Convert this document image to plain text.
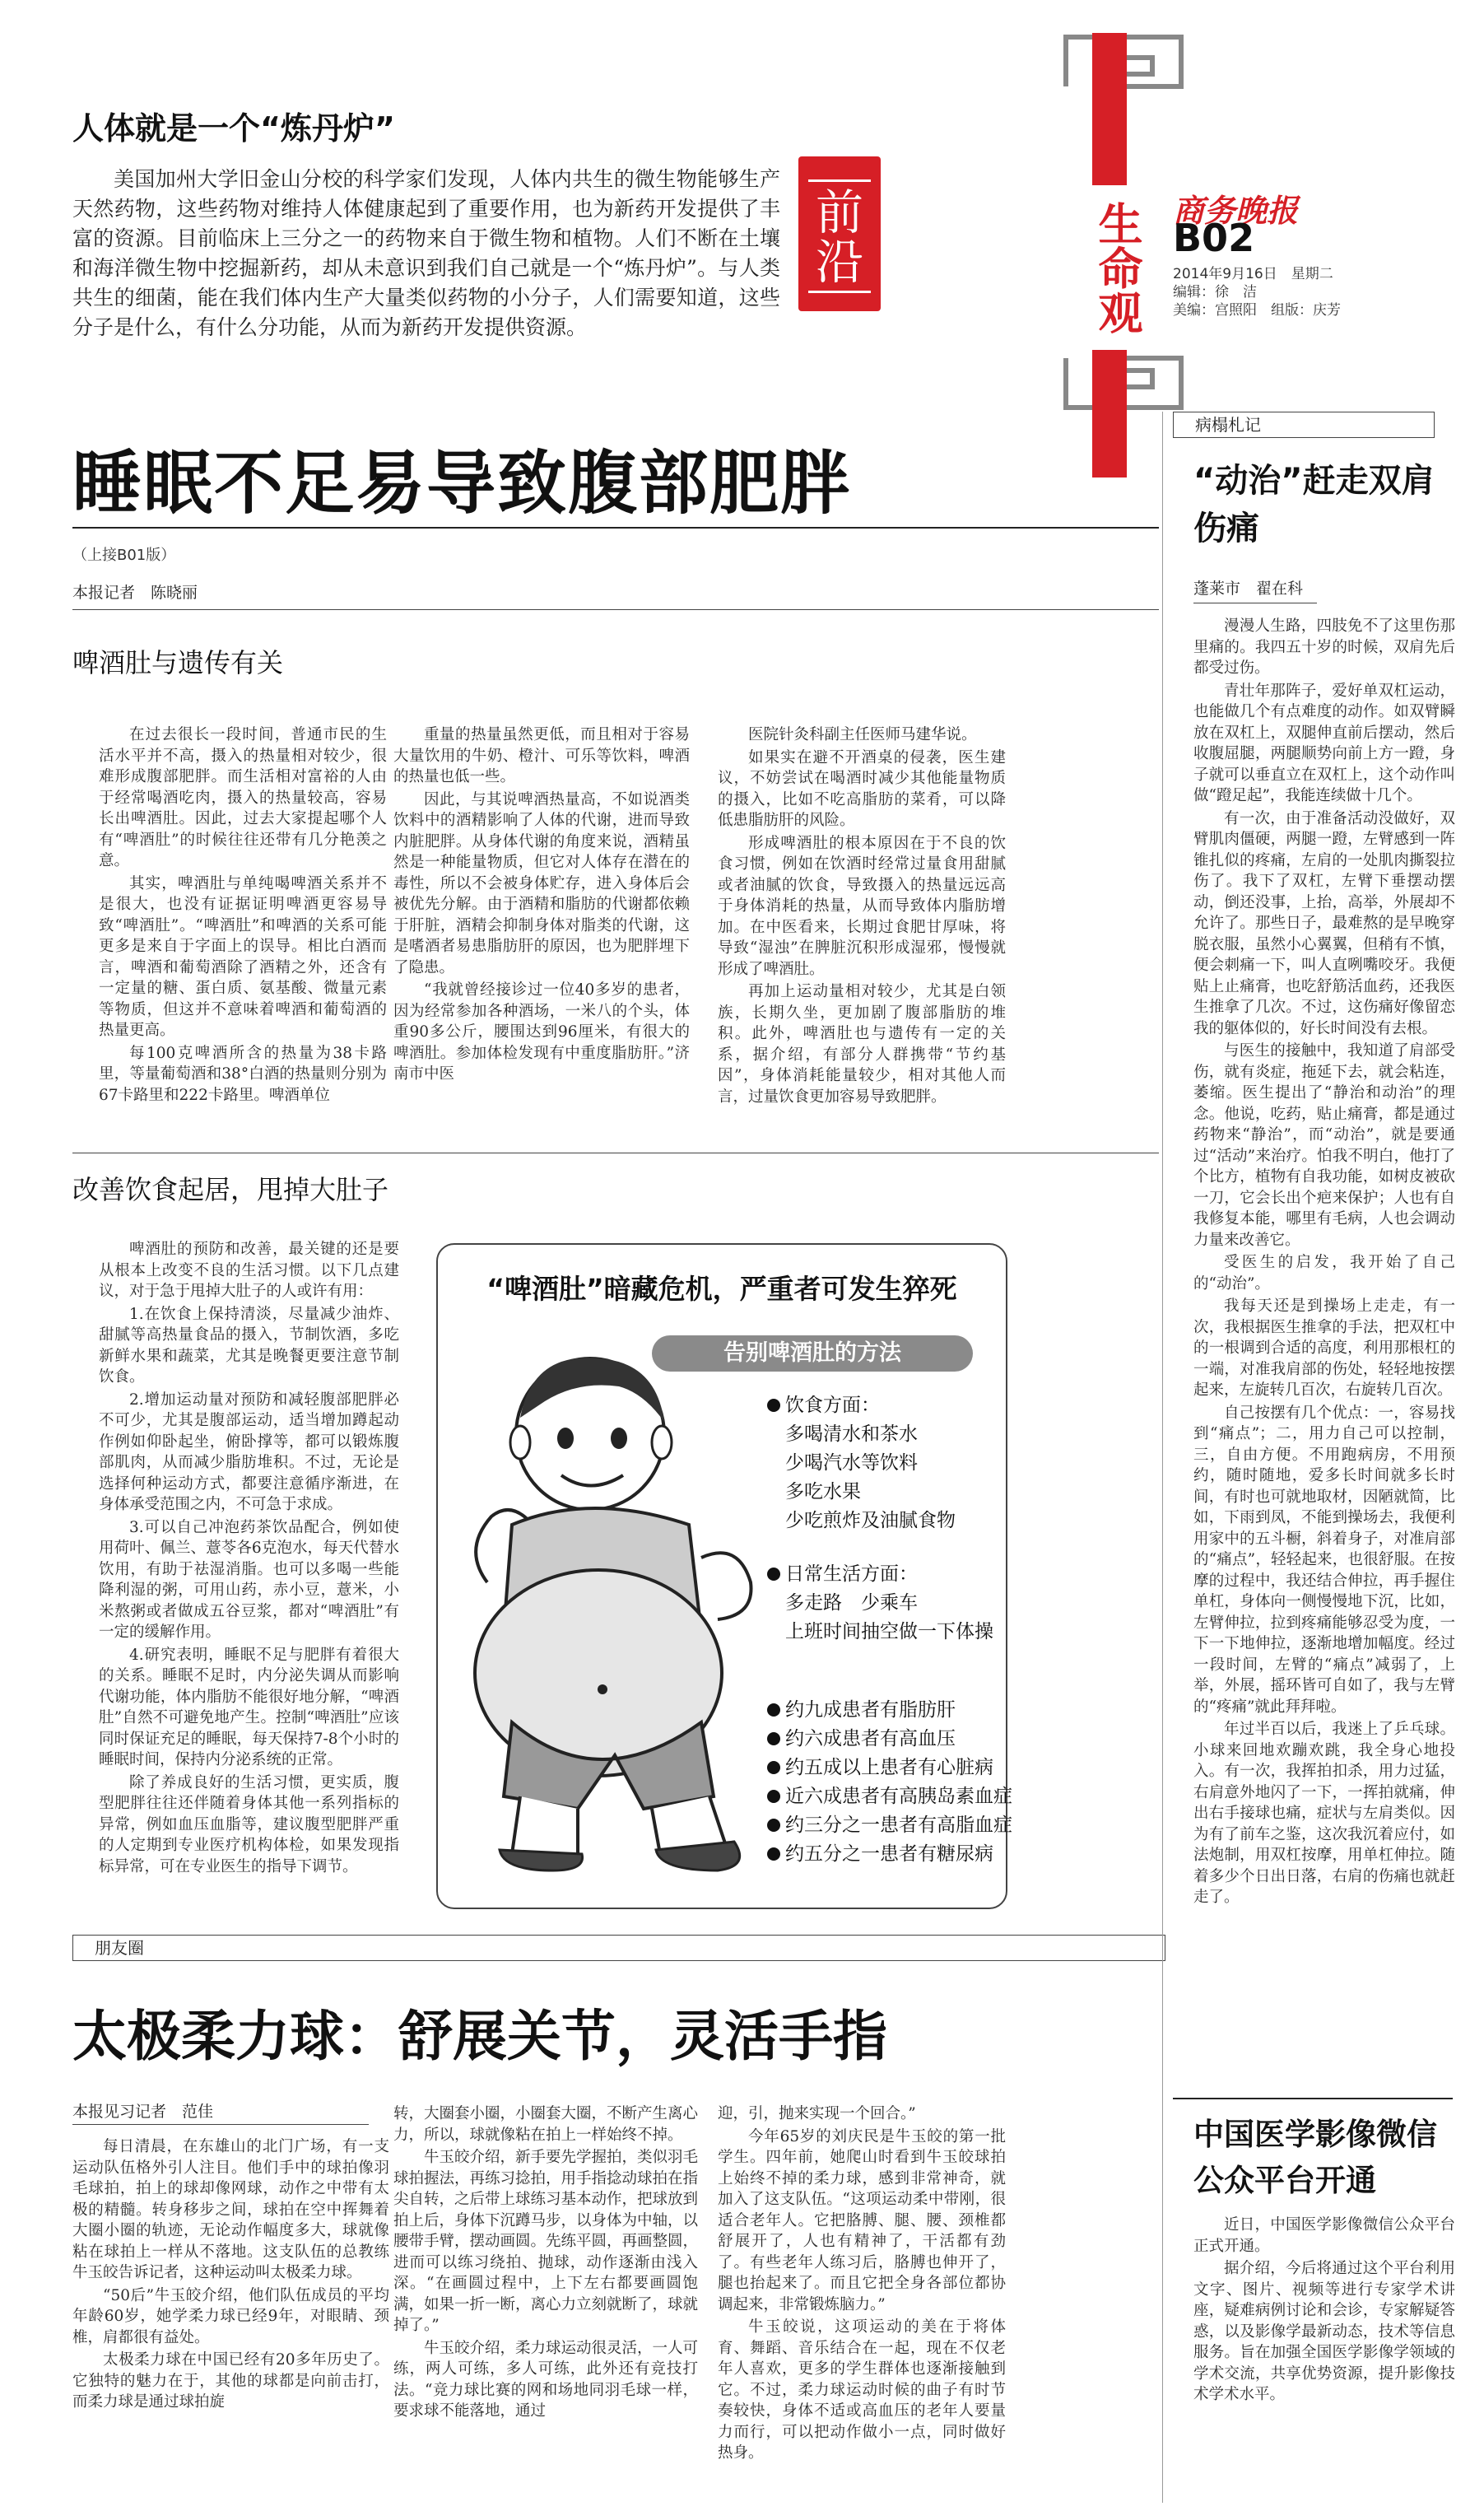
生命观 商务晚报
B02
2014年9月16日　星期二
编辑：徐　洁
美编：宫照阳　组版：庆芳
前
沿
人体就是一个“炼丹炉”

美国加州大学旧金山分校的科学家们发现，人体内共生的微生物能够生产天然药物，这些药物对维持人体健康起到了重要作用，也为新药开发提供了丰富的资源。目前临床上三分之一的药物来自于微生物和植物。人们不断在土壤和海洋微生物中挖掘新药，却从未意识到我们自己就是一个“炼丹炉”。与人类共生的细菌，能在我们体内生产大量类似药物的小分子，人们需要知道，这些分子是什么，有什么分功能，从而为新药开发提供资源。

睡眠不足易导致腹部肥胖
（上接B01版）
本报记者　陈晓丽
啤酒肚与遗传有关

在过去很长一段时间，普通市民的生活水平并不高，摄入的热量相对较少，很难形成腹部肥胖。而生活相对富裕的人由于经常喝酒吃肉，摄入的热量较高，容易长出啤酒肚。因此，过去大家提起哪个人有“啤酒肚”的时候往往还带有几分艳羡之意。

其实，啤酒肚与单纯喝啤酒关系并不是很大，也没有证据证明啤酒更容易导致“啤酒肚”。“啤酒肚”和啤酒的关系可能更多是来自于字面上的误导。相比白酒而言，啤酒和葡萄酒除了酒精之外，还含有一定量的糖、蛋白质、氨基酸、微量元素等物质，但这并不意味着啤酒和葡萄酒的热量更高。

每100克啤酒所含的热量为38卡路里，等量葡萄酒和38°白酒的热量则分别为67卡路里和222卡路里。啤酒单位

重量的热量虽然更低，而且相对于容易大量饮用的牛奶、橙汁、可乐等饮料，啤酒的热量也低一些。

因此，与其说啤酒热量高，不如说酒类饮料中的酒精影响了人体的代谢，进而导致内脏肥胖。从身体代谢的角度来说，酒精虽然是一种能量物质，但它对人体存在潜在的毒性，所以不会被身体贮存，进入身体后会被优先分解。由于酒精和脂肪的代谢都依赖于肝脏，酒精会抑制身体对脂类的代谢，这是嗜酒者易患脂肪肝的原因，也为肥胖埋下了隐患。

“我就曾经接诊过一位40多岁的患者，因为经常参加各种酒场，一米八的个头，体重90多公斤，腰围达到96厘米，有很大的啤酒肚。参加体检发现有中重度脂肪肝。”济南市中医

医院针灸科副主任医师马建华说。

如果实在避不开酒桌的侵袭，医生建议，不妨尝试在喝酒时减少其他能量物质的摄入，比如不吃高脂肪的菜肴，可以降低患脂肪肝的风险。

形成啤酒肚的根本原因在于不良的饮食习惯，例如在饮酒时经常过量食用甜腻或者油腻的饮食，导致摄入的热量远远高于身体消耗的热量，从而导致体内脂肪增加。在中医看来，长期过食肥甘厚味，将导致“湿浊”在脾脏沉积形成湿邪，慢慢就形成了啤酒肚。

再加上运动量相对较少，尤其是白领族，长期久坐，更加剧了腹部脂肪的堆积。此外，啤酒肚也与遗传有一定的关系，据介绍，有部分人群携带“节约基因”，身体消耗能量较少，相对其他人而言，过量饮食更加容易导致肥胖。

改善饮食起居，甩掉大肚子

啤酒肚的预防和改善，最关键的还是要从根本上改变不良的生活习惯。以下几点建议，对于急于甩掉大肚子的人或许有用：

1.在饮食上保持清淡，尽量减少油炸、甜腻等高热量食品的摄入，节制饮酒，多吃新鲜水果和蔬菜，尤其是晚餐更要注意节制饮食。

2.增加运动量对预防和减轻腹部肥胖必不可少，尤其是腹部运动，适当增加蹲起动作例如仰卧起坐，俯卧撑等，都可以锻炼腹部肌肉，从而减少脂肪堆积。不过，无论是选择何种运动方式，都要注意循序渐进，在身体承受范围之内，不可急于求成。

3.可以自己冲泡药茶饮品配合，例如使用荷叶、佩兰、薏苓各6克泡水，每天代替水饮用，有助于祛湿消脂。也可以多喝一些能降利湿的粥，可用山药，赤小豆，薏米，小米熬粥或者做成五谷豆浆，都对“啤酒肚”有一定的缓解作用。

4.研究表明，睡眠不足与肥胖有着很大的关系。睡眠不足时，内分泌失调从而影响代谢功能，体内脂肪不能很好地分解，“啤酒肚”自然不可避免地产生。控制“啤酒肚”应该同时保证充足的睡眠，每天保持7-8个小时的睡眠时间，保持内分泌系统的正常。

除了养成良好的生活习惯，更实质，腹型肥胖往往还伴随着身体其他一系列指标的异常，例如血压血脂等，建议腹型肥胖严重的人定期到专业医疗机构体检，如果发现指标异常，可在专业医生的指导下调节。

“啤酒肚”暗藏危机，严重者可发生猝死
告别啤酒肚的方法
饮食方面：
多喝清水和茶水
少喝汽水等饮料
多吃水果
少吃煎炸及油腻食物
日常生活方面：
多走路　少乘车
上班时间抽空做一下体操
约九成患者有脂肪肝
约六成患者有高血压
约五成以上患者有心脏病
近六成患者有高胰岛素血症
约三分之一患者有高脂血症
约五分之一患者有糖尿病
朋友圈
太极柔力球：舒展关节，灵活手指
本报见习记者　范佳

每日清晨，在东雄山的北门广场，有一支运动队伍格外引人注目。他们手中的球拍像羽毛球拍，拍上的球却像网球，动作之中带有太极的精髓。转身移步之间，球拍在空中挥舞着大圈小圈的轨迹，无论动作幅度多大，球就像粘在球拍上一样从不落地。这支队伍的总教练牛玉皎告诉记者，这种运动叫太极柔力球。

“50后”牛玉皎介绍，他们队伍成员的平均年龄60岁，她学柔力球已经9年，对眼睛、颈椎，肩都很有益处。

太极柔力球在中国已经有20多年历史了。它独特的魅力在于，其他的球都是向前击打，而柔力球是通过球拍旋

转，大圈套小圈，小圈套大圈，不断产生离心力，所以，球就像粘在拍上一样始终不掉。

牛玉皎介绍，新手要先学握拍，类似羽毛球拍握法，再练习捻拍，用手指捻动球拍在指尖自转，之后带上球练习基本动作，把球放到拍上后，身体下沉蹲马步，以身体为中轴，以腰带手臂，摆动画圆。先练平圆，再画整圆，进而可以练习绕拍、抛球，动作逐渐由浅入深。“在画圆过程中，上下左右都要画圆饱满，如果一折一断，离心力立刻就断了，球就掉了。”

牛玉皎介绍，柔力球运动很灵活，一人可练，两人可练，多人可练，此外还有竞技打法。“竞力球比赛的网和场地同羽毛球一样，要求球不能落地，通过

迎，引，抛来实现一个回合。”

今年65岁的刘庆民是牛玉皎的第一批学生。四年前，她爬山时看到牛玉皎球拍上始终不掉的柔力球，感到非常神奇，就加入了这支队伍。“这项运动柔中带刚，很适合老年人。它把胳膊、腿、腰、颈椎都舒展开了，人也有精神了，干活都有劲了。有些老年人练习后，胳膊也伸开了，腿也抬起来了。而且它把全身各部位都协调起来，非常锻炼脑力。”

牛玉皎说，这项运动的美在于将体育、舞蹈、音乐结合在一起，现在不仅老年人喜欢，更多的学生群体也逐渐接触到它。不过，柔力球运动时候的曲子有时节奏较快，身体不适或高血压的老年人要量力而行，可以把动作做小一点，同时做好热身。

病榻札记
“动治”赶走双肩伤痛
蓬莱市　翟在科

漫漫人生路，四肢免不了这里伤那里痛的。我四五十岁的时候，双肩先后都受过伤。

青壮年那阵子，爱好单双杠运动，也能做几个有点难度的动作。如双臂瞬放在双杠上，双腿伸直前后摆动，然后收腹屈腿，两腿顺势向前上方一蹬，身子就可以垂直立在双杠上，这个动作叫做“蹬足起”，我能连续做十几个。

有一次，由于准备活动没做好，双臂肌肉僵硬，两腿一蹬，左臂感到一阵锥扎似的疼痛，左肩的一处肌肉撕裂拉伤了。我下了双杠，左臂下垂摆动摆动，倒还没事，上抬，高举，外展却不允许了。那些日子，最难熬的是早晚穿脱衣服，虽然小心翼翼，但稍有不慎，便会刺痛一下，叫人直咧嘴咬牙。我便贴上止痛膏，也吃舒筋活血药，还我医生推拿了几次。不过，这伤痛好像留恋我的躯体似的，好长时间没有去根。

与医生的接触中，我知道了肩部受伤，就有炎症，拖延下去，就会粘连，萎缩。医生提出了“静治和动治”的理念。他说，吃药，贴止痛膏，都是通过药物来“静治”，而“动治”，就是要通过“活动”来治疗。怕我不明白，他打了个比方，植物有自我功能，如树皮被砍一刀，它会长出个疤来保护；人也有自我修复本能，哪里有毛病，人也会调动力量来改善它。

受医生的启发，我开始了自己的“动治”。

我每天还是到操场上走走，有一次，我根据医生推拿的手法，把双杠中的一根调到合适的高度，利用那根杠的一端，对准我肩部的伤处，轻轻地按摆起来，左旋转几百次，右旋转几百次。

自己按摆有几个优点：一，容易找到“痛点”；二，用力自己可以控制，三，自由方便。不用跑病房，不用预约，随时随地，爱多长时间就多长时间，有时也可就地取材，因陋就简，比如，下雨到凤，不能到操场去，我便利用家中的五斗橱，斜着身子，对准肩部的“痛点”，轻轻起来，也很舒服。在按摩的过程中，我还结合伸拉，再手握住单杠，身体向一侧慢慢地下沉，比如，左臂伸拉，拉到疼痛能够忍受为度，一下一下地伸拉，逐渐地增加幅度。经过一段时间，左臂的“痛点”减弱了，上举，外展，摇环皆可自如了，我与左臂的“疼痛”就此拜拜啦。

年过半百以后，我迷上了乒乓球。小球来回地欢蹦欢跳，我全身心地投入。有一次，我挥拍扣杀，用力过猛，右肩意外地闪了一下，一挥拍就痛，伸出右手接球也痛，症状与左肩类似。因为有了前车之鉴，这次我沉着应付，如法炮制，用双杠按摩，用单杠伸拉。随着多少个日出日落，右肩的伤痛也就赶走了。

中国医学影像微信公众平台开通

近日，中国医学影像微信公众平台正式开通。

据介绍，今后将通过这个平台利用文字、图片、视频等进行专家学术讲座，疑难病例讨论和会诊，专家解疑答惑，以及影像学最新动态，技术等信息服务。旨在加强全国医学影像学领域的学术交流，共享优势资源，提升影像技术学术水平。
